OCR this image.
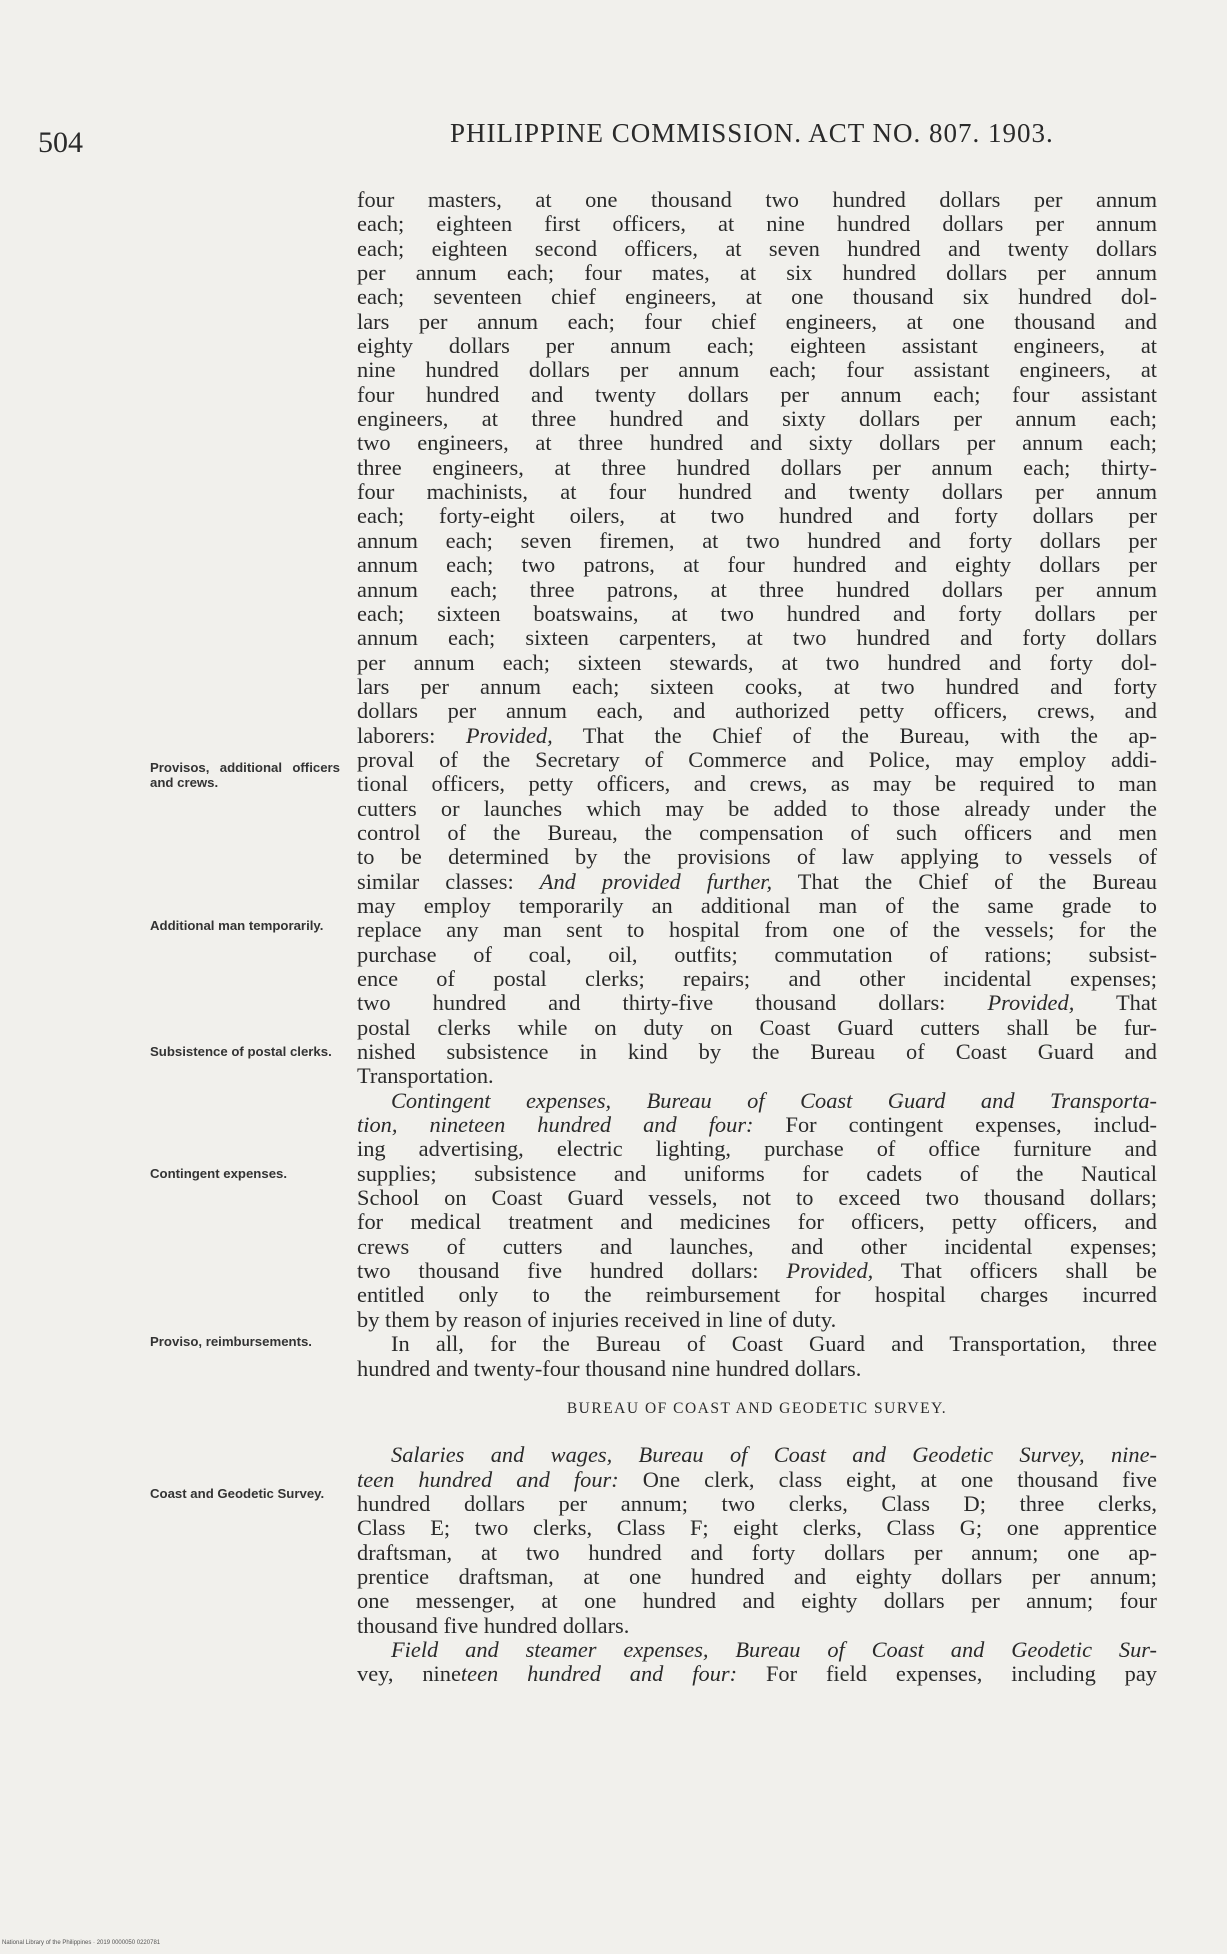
504	PHILIPPINE COMMISSION. ACT NO. 807. 1903.
four masters, at one thousand two hundred dollars per annum
each; eighteen first officers, at nine hundred dollars per annum
each; eighteen second officers, at seven hundred and twenty dollars
per annum each; four mates, at six hundred dollars per annum
each; seventeen chief engineers, at one thousand six hundred dol-
lars per annum each; four chief engineers, at one thousand and
eighty dollars per annum each; eighteen assistant engineers, at
nine hundred dollars per annum each; four assistant engineers, at
four hundred and twenty dollars per annum each; four assistant
engineers, at three hundred and sixty dollars per annum each;
two engineers, at three hundred and sixty dollars per annum each;
three engineers, at three hundred dollars per annum each; thirty-
four machinists, at four hundred and twenty dollars per annum
each; forty-eight oilers, at two hundred and forty dollars per
annum each; seven firemen, at two hundred and forty dollars per
annum each; two patrons, at four hundred and eighty dollars per
annum each; three patrons, at three hundred dollars per annum
each; sixteen boatswains, at two hundred and forty dollars per
annum each; sixteen carpenters, at two hundred and forty dollars
per annum each; sixteen stewards, at two hundred and forty dol-
lars per annum each; sixteen cooks, at two hundred and forty
dollars per annum each, and authorized petty officers, crews, and
laborers: Provided, That the Chief of the Bureau, with the ap-
proval of the Secretary of Commerce and Police, may employ addi-
tional officers, petty officers, and crews, as may be required to man
cutters or launches which may be added to those already under the
control of the Bureau, the compensation of such officers and men
to be determined by the provisions of law applying to vessels of
similar classes: And provided further, That the Chief of the Bureau
may employ temporarily an additional man of the same grade to
replace any man sent to hospital from one of the vessels; for the
purchase of coal, oil, outfits; commutation of rations; subsist-
ence of postal clerks; repairs; and other incidental expenses;
two hundred and thirty-five thousand dollars: Provided, That
postal clerks while on duty on Coast Guard cutters shall be fur-
nished subsistence in kind by the Bureau of Coast Guard and
Transportation.
Contingent expenses, Bureau of Coast Guard and Transporta-
tion, nineteen hundred and four: For contingent expenses, includ-
ing advertising, electric lighting, purchase of office furniture and
supplies; subsistence and uniforms for cadets of the Nautical
School on Coast Guard vessels, not to exceed two thousand dollars;
for medical treatment and medicines for officers, petty officers, and
crews of cutters and launches, and other incidental expenses;
two thousand five hundred dollars: Provided, That officers shall be
entitled only to the reimbursement for hospital charges incurred
by them by reason of injuries received in line of duty.
In all, for the Bureau of Coast Guard and Transportation, three
hundred and twenty-four thousand nine hundred dollars.
BUREAU OF COAST AND GEODETIC SURVEY.
Salaries and wages, Bureau of Coast and Geodetic Survey, nine-
teen hundred and four: One clerk, class eight, at one thousand five
hundred dollars per annum; two clerks, Class D; three clerks,
Class E; two clerks, Class F; eight clerks, Class G; one apprentice
draftsman, at two hundred and forty dollars per annum; one ap-
prentice draftsman, at one hundred and eighty dollars per annum;
one messenger, at one hundred and eighty dollars per annum; four
thousand five hundred dollars.
Field and steamer expenses, Bureau of Coast and Geodetic Sur-
vey, nineteen hundred and four: For field expenses, including pay
Provisos, additional officers and crews.
Additional man temporarily.
Subsistence of postal clerks.
Contingent expenses.
Proviso, reimbursements.
Coast and Geodetic Survey.
National Library of the Philippines · 2019 0000050 0220781
